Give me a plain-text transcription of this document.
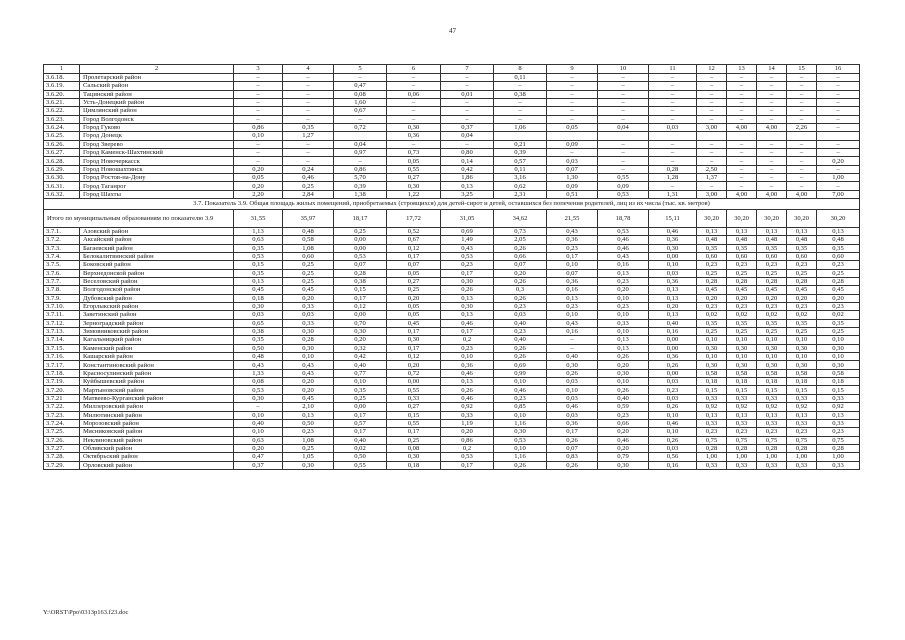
47
1	2	3	4	5	6	7	8	9	10	11	12	13	14	15	16
3.6.18.	Пролетарский район	–	–	–	–	–	0,11	–	–	–	–	–	–	–	–
3.6.19.	Сальский район	–	–	0,47	–	–	–	–	–	–	–	–	–	–	–
3.6.20.	Тацинский район	–	–	0,08	0,06	0,01	0,38	–	–	–	–	–	–	–	–
3.6.21.	Усть-Донецкий район	–	–	1,60	–	–	–	–	–	–	–	–	–	–	–
3.6.22.	Цимлянский район	–	–	0,67	–	–	–	–	–	–	–	–	–	–	–
3.6.23.	Город Волгодонск	–	–	–	–	–	–	–	–	–	–	–	–	–	–
3.6.24.	Город Гуково	0,86	0,35	0,72	0,30	0,37	1,06	0,05	0,04	0,03	3,00	4,00	4,00	2,26	–
3.6.25.	Город Донецк	0,10	1,27		0,36	0,04									
3.6.26.	Город Зверево	–	–	0,04	–	–	0,21	0,09	–	–	–	–	–	–	–
3.6.27.	Город Каменск-Шахтинский	–	–	0,97	0,73	0,80	0,39	–	–	–	–	–	–	–	–
3.6.28.	Город Новочеркасск	–	–	–	0,05	0,14	0,57	0,03	–	–	–	–	–	–	0,20
3.6.29.	Город Новошахтинск	0,20	0,24	0,86	0,55	0,42	0,11	0,07	–	0,28	2,50	–	–	–	–
3.6.30.	Город Ростов-на-Дону	0,05	0,46	5,70	0,27	1,86	3,16	1,30	0,55	1,28	1,37	–	–	–	1,00
3.6.31.	Город Таганрог	0,20	0,25	0,39	0,30	0,13	0,62	0,09	0,09	–	–	–	–	–	–
3.6.32.	Город Шахты	2,20	2,84	1,38	1,22	3,25	2,31	0,51	0,53	1,31	3,00	4,00	4,00	4,00	7,00
3.7. Показатель 3.9. Общая площадь жилых помещений, приобретаемых (строящихся) для детей-сирот и детей, оставшихся без попечения родителей, лиц из их числа (тыс. кв. метров)															
Итого по муниципальным образованиям по показателю 3.9		31,55	35,97	18,17	17,72	31,05	34,62	21,55	18,78	15,11	30,20	30,20	30,20	30,20	30,20
3.7.1.	Азовский район	1,13	0,48	0,25	0,52	0,69	0,73	0,43	0,53	0,46	0,13	0,13	0,13	0,13	0,13
3.7.2.	Аксайский район	0,63	0,58	0,00	0,67	1,49	2,05	0,36	0,46	0,36	0,48	0,48	0,48	0,48	0,48
3.7.3.	Багаевский район	0,35	1,08	0,00	0,12	0,43	0,26	0,23	0,46	0,30	0,35	0,35	0,35	0,35	0,35
3.7.4.	Белокалитвинский район	0,53	0,60	0,53	0,17	0,53	0,66	0,17	0,43	0,00	0,60	0,60	0,60	0,60	0,60
3.7.5.	Боковский район	0,15	0,25	0,07	0,07	0,23	0,07	0,10	0,16	0,10	0,23	0,23	0,23	0,23	0,23
3.7.6.	Верхнедонской район	0,35	0,25	0,28	0,05	0,17	0,20	0,07	0,13	0,03	0,25	0,25	0,25	0,25	0,25
3.7.7.	Веселовский район	0,13	0,25	0,38	0,27	0,30	0,26	0,36	0,23	0,36	0,28	0,28	0,28	0,28	0,28
3.7.8.	Волгодонской район	0,45	0,45	0,15	0,25	0,26	0,3	0,16	0,20	0,13	0,45	0,45	0,45	0,45	0,45
3.7.9.	Дубовский район	0,18	0,20	0,17	0,20	0,13	0,26	0,13	0,10	0,13	0,20	0,20	0,20	0,20	0,20
3.7.10.	Егорлыкский район	0,30	0,33	0,12	0,05	0,30	0,23	0,23	0,23	0,20	0,23	0,23	0,23	0,23	0,23
3.7.11.	Заветинский район	0,03	0,03	0,00	0,05	0,13	0,03	0,10	0,10	0,13	0,02	0,02	0,02	0,02	0,02
3.7.12.	Зерноградский район	0,65	0,33	0,70	0,45	0,46	0,40	0,43	0,33	0,40	0,35	0,35	0,35	0,35	0,35
3.7.13.	Зимовниковский район	0,38	0,30	0,30	0,17	0,17	0,23	0,16	0,10	0,16	0,25	0,25	0,25	0,25	0,25
3.7.14.	Кагальницкий район	0,35	0,28	0,20	0,30	0,2	0,40	–	0,13	0,00	0,10	0,10	0,10	0,10	0,10
3.7.15.	Каменский район	0,50	0,30	0,32	0,17	0,23	0,26	–	0,13	0,00	0,30	0,30	0,30	0,30	0,30
3.7.16.	Кашарский район	0,48	0,10	0,42	0,12	0,10	0,26	0,40	0,26	0,36	0,10	0,10	0,10	0,10	0,10
3.7.17.	Константиновский район	0,43	0,43	0,40	0,20	0,36	0,69	0,30	0,20	0,26	0,30	0,30	0,30	0,30	0,30
3.7.18.	Красносулинский район	1,33	0,43	0,77	0,72	0,46	0,99	0,26	0,30	0,00	0,58	0,58	0,58	0,58	0,58
3.7.19.	Куйбышевский район	0,08	0,20	0,10	0,00	0,13	0,10	0,03	0,10	0,03	0,18	0,18	0,18	0,18	0,18
3.7.20.	Мартыновский район	0,53	0,20	0,35	0,55	0,26	0,46	0,10	0,26	0,23	0,15	0,15	0,15	0,15	0,15
3.7.21	Матвеево-Курганский район	0,30	0,45	0,25	0,33	0,46	0,23	0,03	0,40	0,03	0,33	0,33	0,33	0,33	0,33
3.7.22.	Миллеровский район	–	2,10	0,00	0,27	0,92	0,85	0,46	0,59	0,26	0,92	0,92	0,92	0,92	0,92
3.7.23.	Милютинский район	0,10	0,13	0,17	0,15	0,33	0,10	0,03	0,23	0,10	0,13	0,13	0,13	0,13	0,13
3.7.24.	Морозовский район	0,40	0,50	0,57	0,55	1,19	1,16	0,36	0,66	0,46	0,33	0,33	0,33	0,33	0,33
3.7.25.	Мясниковский район	0,10	0,23	0,17	0,17	0,20	0,30	0,17	0,20	0,10	0,23	0,23	0,23	0,23	0,23
3.7.26.	Неклиновский район	0,63	1,08	0,40	0,25	0,86	0,53	0,26	0,46	0,26	0,75	0,75	0,75	0,75	0,75
3.7.27.	Обливский район	0,20	0,25	0,02	0,08	0,2	0,10	0,07	0,20	0,03	0,28	0,28	0,28	0,28	0,28
3.7.28.	Октябрьский район	0,47	1,05	0,50	0,30	0,53	1,16	0,83	0,79	0,56	1,00	1,00	1,00	1,00	1,00
3.7.29.	Орловский район	0,37	0,30	0,55	0,18	0,17	0,26	0,26	0,30	0,16	0,33	0,33	0,33	0,33	0,33
Y:\ORST\Ppo\0313p163.f23.doc
